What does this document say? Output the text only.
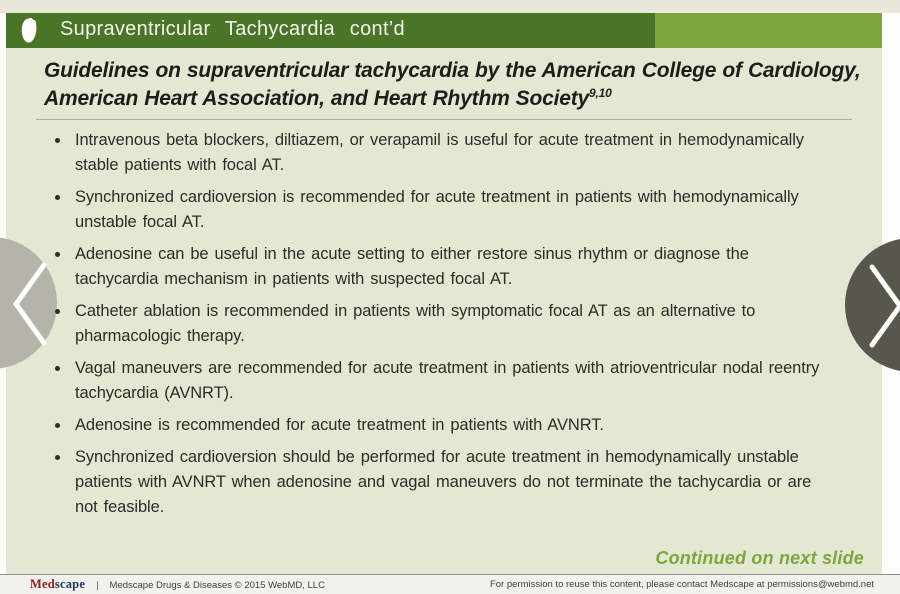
Supraventricular Tachycardia cont’d
Guidelines on supraventricular tachycardia by the American College of Cardiology, American Heart Association, and Heart Rhythm Society$^{9,10}$
Intravenous beta blockers, diltiazem, or verapamil is useful for acute treatment in hemodynamically stable patients with focal AT.
Synchronized cardioversion is recommended for acute treatment in patients with hemodynamically unstable focal AT.
Adenosine can be useful in the acute setting to either restore sinus rhythm or diagnose the tachycardia mechanism in patients with suspected focal AT.
Catheter ablation is recommended in patients with symptomatic focal AT as an alternative to pharmacologic therapy.
Vagal maneuvers are recommended for acute treatment in patients with atrioventricular nodal reentry tachycardia (AVNRT).
Adenosine is recommended for acute treatment in patients with AVNRT.
Synchronized cardioversion should be performed for acute treatment in hemodynamically unstable patients with AVNRT when adenosine and vagal maneuvers do not terminate the tachycardia or are not feasible.
Continued on next slide
Medscape | Medscape Drugs & Diseases © 2015 WebMD, LLC	For permission to reuse this content, please contact Medscape at permissions@webmd.net
